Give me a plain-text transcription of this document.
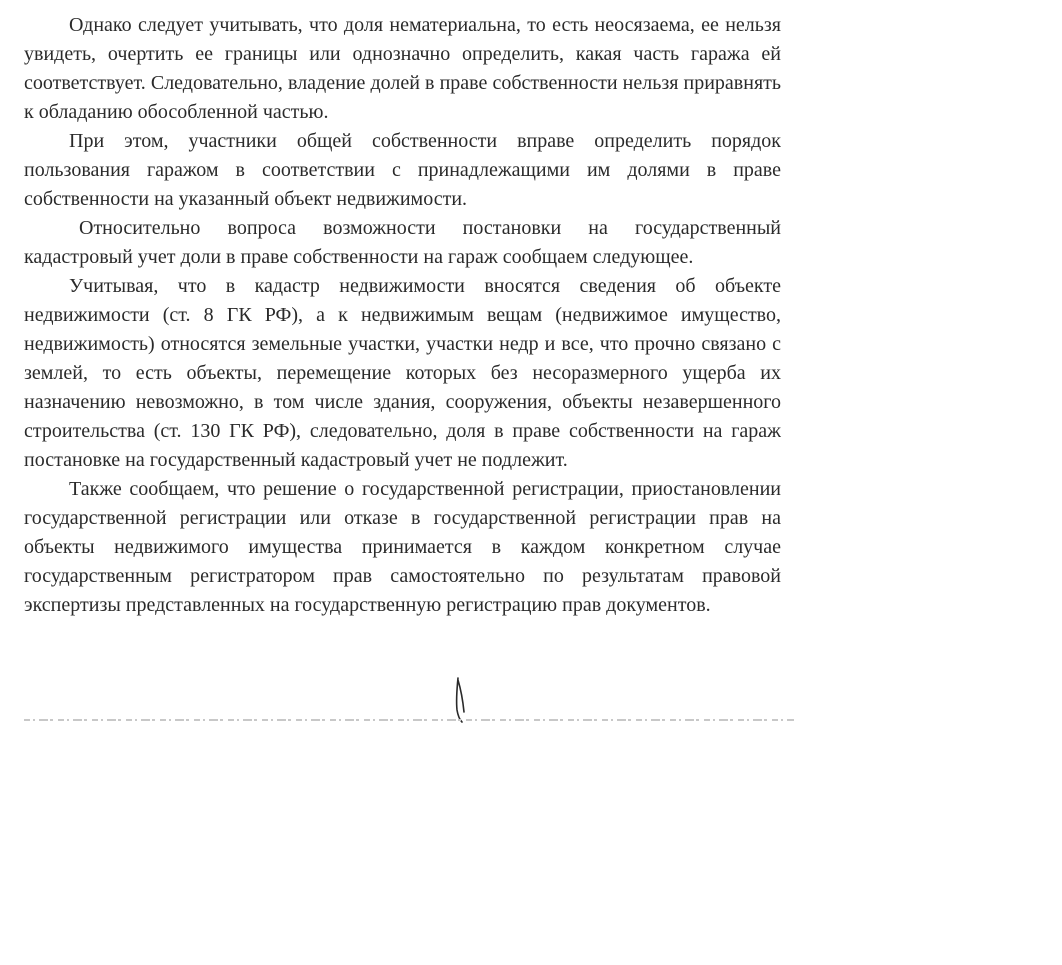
Однако следует учитывать, что доля нематериальна, то есть неосязаема, ее нельзя увидеть, очертить ее границы или однозначно определить, какая часть гаража ей соответствует. Следовательно, владение долей в праве собственности нельзя приравнять к обладанию обособленной частью.

При этом, участники общей собственности вправе определить порядок пользования гаражом в соответствии с принадлежащими им долями в праве собственности на указанный объект недвижимости.

Относительно вопроса возможности постановки на государственный кадастровый учет доли в праве собственности на гараж сообщаем следующее.

Учитывая, что в кадастр недвижимости вносятся сведения об объекте недвижимости (ст. 8 ГК РФ), а к недвижимым вещам (недвижимое имущество, недвижимость) относятся земельные участки, участки недр и все, что прочно связано с землей, то есть объекты, перемещение которых без несоразмерного ущерба их назначению невозможно, в том числе здания, сооружения, объекты незавершенного строительства (ст. 130 ГК РФ), следовательно, доля в праве собственности на гараж постановке на государственный кадастровый учет не подлежит.

Также сообщаем, что решение о государственной регистрации, приостановлении государственной регистрации или отказе в государственной регистрации прав на объекты недвижимого имущества принимается в каждом конкретном случае государственным регистратором прав самостоятельно по результатам правовой экспертизы представленных на государственную регистрацию прав документов.
